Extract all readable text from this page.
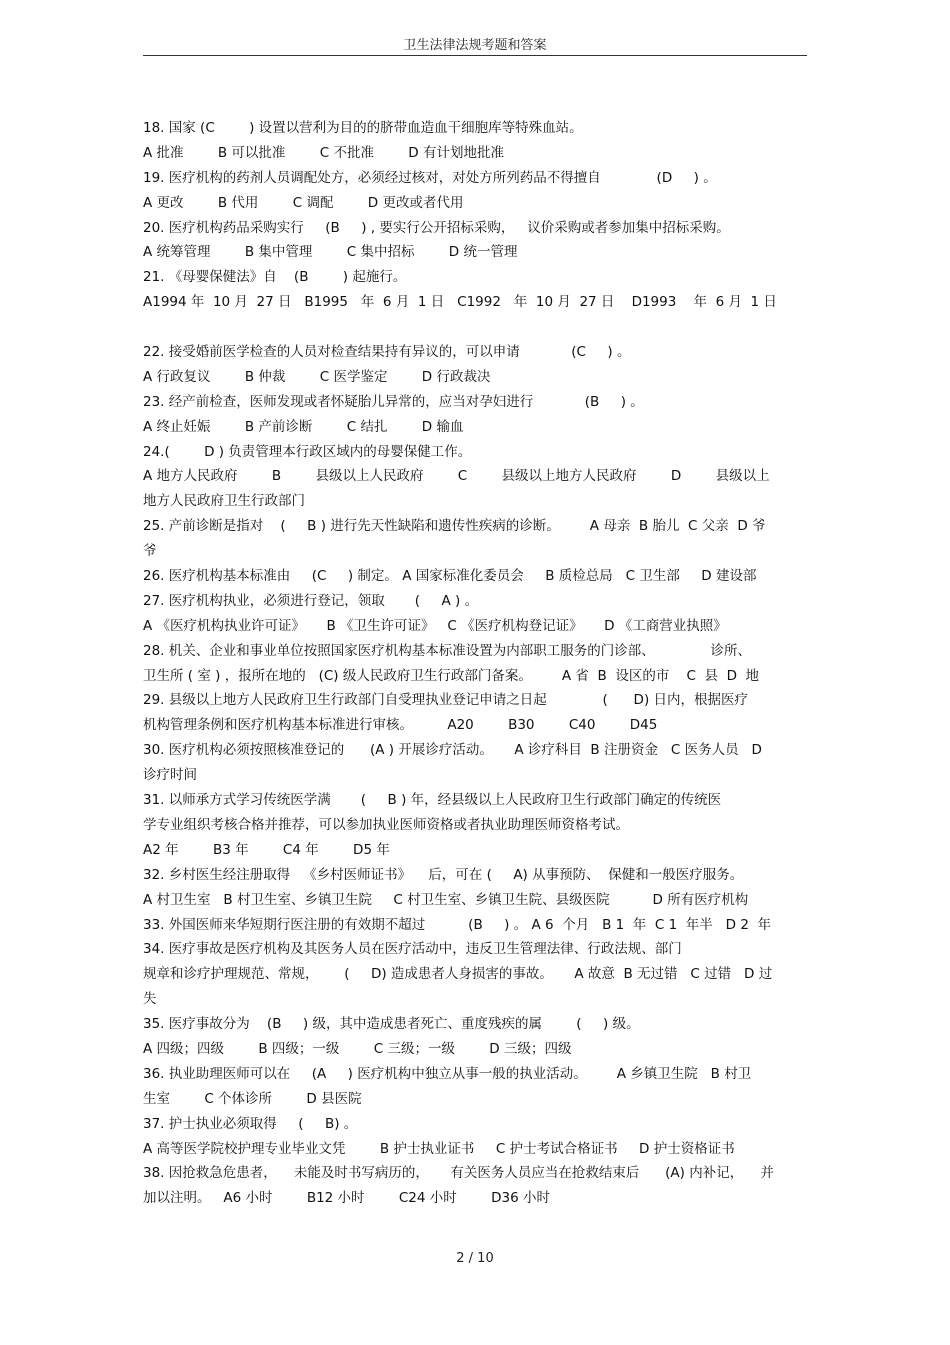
卫生法律法规考题和答案
18. 国家 (C        ) 设置以营利为目的的脐带血造血干细胞库等特殊血站。
A 批准        B 可以批准        C 不批准        D 有计划地批准
19. 医疗机构的药剂人员调配处方，必须经过核对，对处方所列药品不得擅自             (D     ) 。
A 更改        B 代用        C 调配        D 更改或者代用
20. 医疗机构药品采购实行     (B     ) , 要实行公开招标采购，   议价采购或者参加集中招标采购。
A 统筹管理        B 集中管理        C 集中招标        D 统一管理
21. 《母婴保健法》自    (B        ) 起施行。
A1994 年  10 月  27 日   B1995   年  6 月  1 日   C1992   年  10 月  27 日    D1993    年  6 月  1 日
22. 接受婚前医学检查的人员对检查结果持有异议的，可以申请            (C     ) 。
A 行政复议        B 仲裁        C 医学鉴定        D 行政裁决
23. 经产前检查，医师发现或者怀疑胎儿异常的，应当对孕妇进行            (B     ) 。
A 终止妊娠        B 产前诊断        C 结扎        D 输血
24.(        D ) 负责管理本行政区域内的母婴保健工作。
A 地方人民政府        B        县级以上人民政府        C        县级以上地方人民政府        D        县级以上
地方人民政府卫生行政部门
25. 产前诊断是指对    (     B ) 进行先天性缺陷和遗传性疾病的诊断。       A 母亲  B 胎儿  C 父亲  D 爷
爷
26. 医疗机构基本标准由     (C     ) 制定。 A 国家标准化委员会     B 质检总局   C 卫生部     D 建设部
27. 医疗机构执业，必须进行登记，领取       (     A ) 。
A 《医疗机构执业许可证》     B 《卫生许可证》   C 《医疗机构登记证》     D 《工商营业执照》
28. 机关、企业和事业单位按照国家医疗机构基本标准设置为内部职工服务的门诊部、             诊所、
卫生所 ( 室 ) ，报所在地的   (C) 级人民政府卫生行政部门备案。       A 省  B  设区的市    C  县  D  地
29. 县级以上地方人民政府卫生行政部门自受理执业登记申请之日起             (      D) 日内，根据医疗
机构管理条例和医疗机构基本标准进行审核。        A20        B30        C40        D45
30. 医疗机构必须按照核准登记的      (A ) 开展诊疗活动。     A 诊疗科目  B 注册资金   C 医务人员   D
诊疗时间
31. 以师承方式学习传统医学满       (     B ) 年，经县级以上人民政府卫生行政部门确定的传统医
学专业组织考核合格并推荐，可以参加执业医师资格或者执业助理医师资格考试。
A2 年        B3 年        C4 年        D5 年
32. 乡村医生经注册取得   《乡村医师证书》    后，可在 (     A) 从事预防、  保健和一般医疗服务。
A 村卫生室   B 村卫生室、乡镇卫生院     C 村卫生室、乡镇卫生院、县级医院          D 所有医疗机构
33. 外国医师来华短期行医注册的有效期不超过          (B     ) 。 A 6  个月   B 1  年  C 1  年半   D 2  年
34. 医疗事故是医疗机构及其医务人员在医疗活动中，违反卫生管理法律、行政法规、部门
规章和诊疗护理规范、常规，      (     D) 造成患者人身损害的事故。     A 故意  B 无过错   C 过错   D 过
失
35. 医疗事故分为    (B     ) 级，其中造成患者死亡、重度残疾的属        (     ) 级。
A 四级；四级        B 四级；一级        C 三级；一级        D 三级；四级
36. 执业助理医师可以在     (A     ) 医疗机构中独立从事一般的执业活动。       A 乡镇卫生院   B 村卫
生室        C 个体诊所        D 县医院
37. 护士执业必须取得     (     B) 。
A 高等医学院校护理专业毕业文凭        B 护士执业证书     C 护士考试合格证书     D 护士资格证书
38. 因抢救急危患者，    未能及时书写病历的，     有关医务人员应当在抢救结束后      (A) 内补记，    并
加以注明。   A6 小时        B12 小时        C24 小时        D36 小时
2 / 10
